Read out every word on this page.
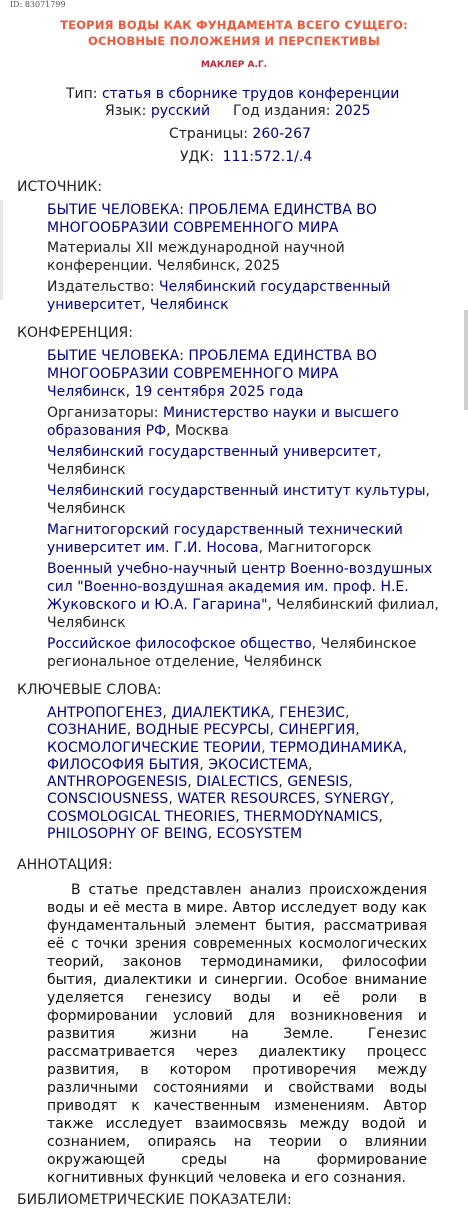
ID: 83071799
ТЕОРИЯ ВОДЫ КАК ФУНДАМЕНТА ВСЕГО СУЩЕГО: ОСНОВНЫЕ ПОЛОЖЕНИЯ И ПЕРСПЕКТИВЫ
МАКЛЕР А.Г.
Тип: статья в сборнике трудов конференции
Язык: русский Год издания: 2025
Страницы: 260-267
УДК: 111:572.1/.4
ИСТОЧНИК:
БЫТИЕ ЧЕЛОВЕКА: ПРОБЛЕМА ЕДИНСТВА ВО МНОГООБРАЗИИ СОВРЕМЕННОГО МИРА
Материалы XII международной научной конференции. Челябинск, 2025
Издательство: Челябинский государственный университет, Челябинск
КОНФЕРЕНЦИЯ:
БЫТИЕ ЧЕЛОВЕКА: ПРОБЛЕМА ЕДИНСТВА ВО МНОГООБРАЗИИ СОВРЕМЕННОГО МИРА
Челябинск, 19 сентября 2025 года
Организаторы: Министерство науки и высшего образования РФ, Москва
Челябинский государственный университет, Челябинск
Челябинский государственный институт культуры, Челябинск
Магнитогорский государственный технический университет им. Г.И. Носова, Магнитогорск
Военный учебно-научный центр Военно-воздушных сил "Военно-воздушная академия им. проф. Н.Е. Жуковского и Ю.А. Гагарина", Челябинский филиал, Челябинск
Российское философское общество, Челябинское региональное отделение, Челябинск
КЛЮЧЕВЫЕ СЛОВА:
АНТРОПОГЕНЕЗ, ДИАЛЕКТИКА, ГЕНЕЗИС, СОЗНАНИЕ, ВОДНЫЕ РЕСУРСЫ, СИНЕРГИЯ, КОСМОЛОГИЧЕСКИЕ ТЕОРИИ, ТЕРМОДИНАМИКА, ФИЛОСОФИЯ БЫТИЯ, ЭКОСИСТЕМА, ANTHROPOGENESIS, DIALECTICS, GENESIS, CONSCIOUSNESS, WATER RESOURCES, SYNERGY, COSMOLOGICAL THEORIES, THERMODYNAMICS, PHILOSOPHY OF BEING, ECOSYSTEM
АННОТАЦИЯ:
В статье представлен анализ происхождения воды и её места в мире. Автор исследует воду как фундаментальный элемент бытия, рассматривая её с точки зрения современных космологических теорий, законов термодинамики, философии бытия, диалектики и синергии. Особое внимание уделяется генезису воды и её роли в формировании условий для возникновения и развития жизни на Земле. Генезис рассматривается через диалектику процесс развития, в котором противоречия между различными состояниями и свойствами воды приводят к качественным изменениям. Автор также исследует взаимосвязь между водой и сознанием, опираясь на теории о влиянии окружающей среды на формирование когнитивных функций человека и его сознания.
БИБЛИОМЕТРИЧЕСКИЕ ПОКАЗАТЕЛИ:
